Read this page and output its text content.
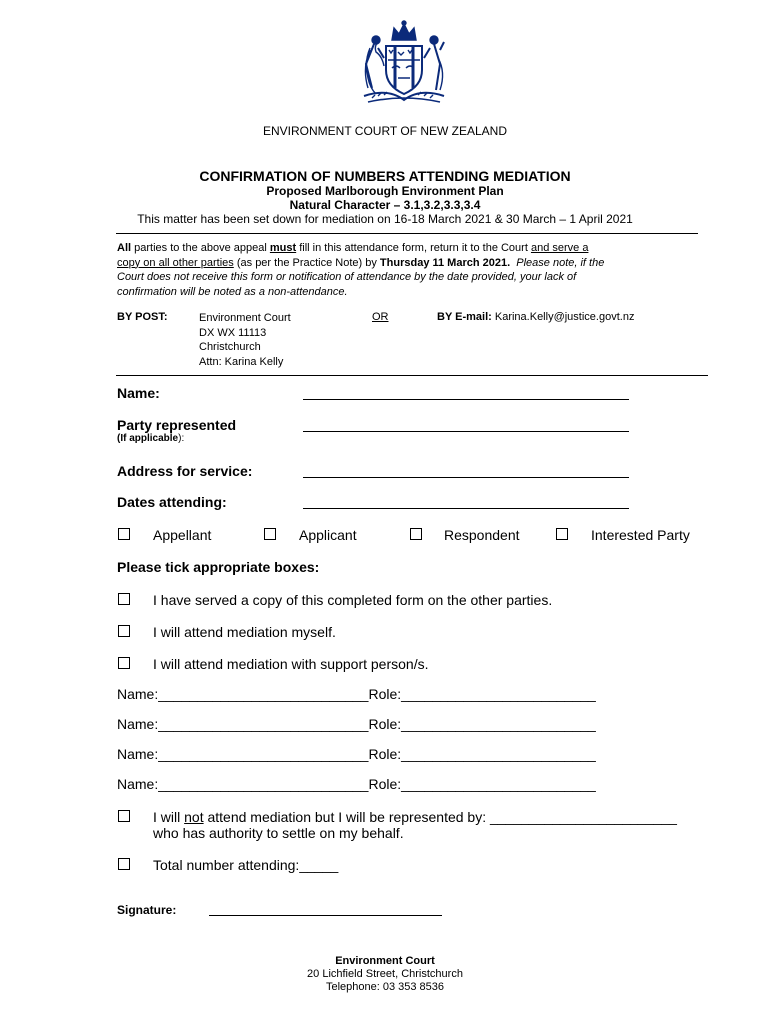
ENVIRONMENT COURT OF NEW ZEALAND
CONFIRMATION OF NUMBERS ATTENDING MEDIATION
Proposed Marlborough Environment Plan
Natural Character – 3.1,3.2,3.3,3.4
This matter has been set down for mediation on 16-18 March 2021 & 30 March – 1 April 2021
All parties to the above appeal must fill in this attendance form, return it to the Court and serve a
copy on all other parties (as per the Practice Note) by Thursday 11 March 2021. Please note, if the
Court does not receive this form or notification of attendance by the date provided, your lack of
confirmation will be noted as a non-attendance.
BY POST:	Environment Court
DX WX 11113
Christchurch
Attn: Karina Kelly
OR	BY E-mail: Karina.Kelly@justice.govt.nz
Name:
Party represented
(If applicable):
Address for service:
Dates attending:
Appellant	Applicant	Respondent	Interested Party
Please tick appropriate boxes:
I have served a copy of this completed form on the other parties.
I will attend mediation myself.
I will attend mediation with support person/s.
Name:___________________________Role:_________________________
Name:___________________________Role:_________________________
Name:___________________________Role:_________________________
Name:___________________________Role:_________________________
I will not attend mediation but I will be represented by: ________________________
who has authority to settle on my behalf.
Total number attending:_____
Signature:
Environment Court
20 Lichfield Street, Christchurch
Telephone: 03 353 8536
